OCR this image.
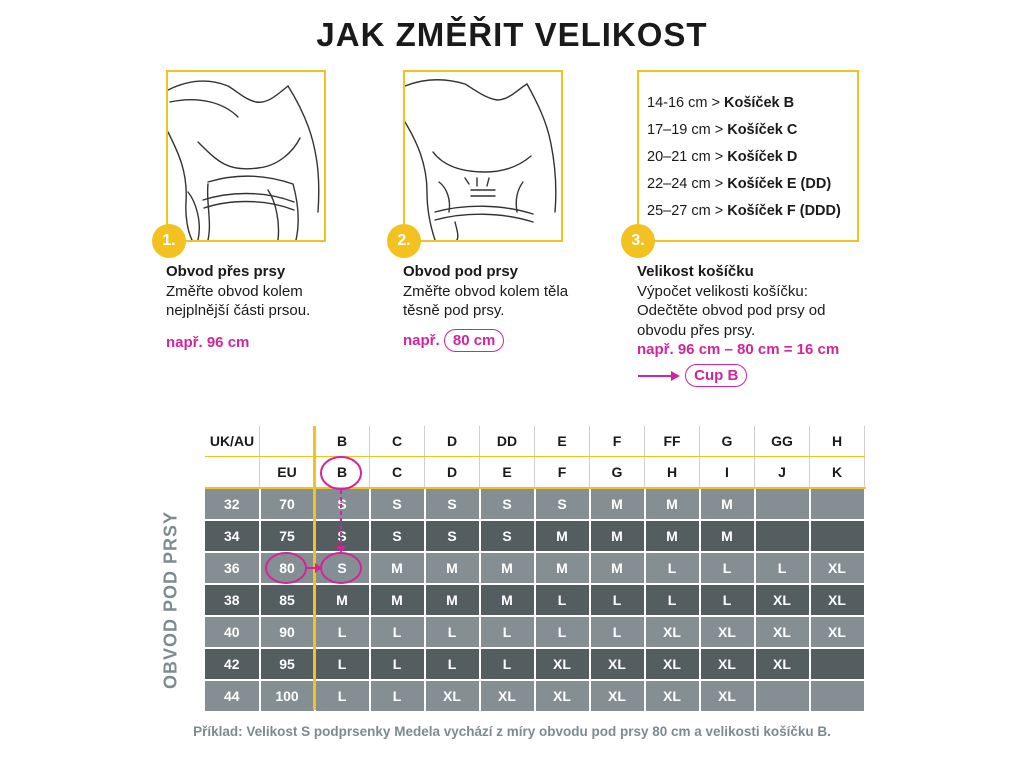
JAK ZMĚŘIT VELIKOST
1.	2.
14-16 cm > Košíček B
17–19 cm > Košíček C
20–21 cm > Košíček D
22–24 cm > Košíček E (DD)
25–27 cm > Košíček F (DDD)
3.
Obvod přes prsy
Změřte obvod kolem
nejplnější části prsou.
např. 96 cm
Obvod pod prsy
Změřte obvod kolem těla
těsně pod prsy.
např. 80 cm
Velikost košíčku
Výpočet velikosti košíčku:
Odečtěte obvod pod prsy od
obvodu přes prsy.
např. 96 cm – 80 cm = 16 cm
Cup B
OBVOD POD PRSY
UK/AU		B	C	D	DD	E	F	FF	G	GG	H
	EU	B	C	D	E	F	G	H	I	J	K
32	70	S	S	S	S	S	M	M	M		
34	75	S	S	S	S	M	M	M	M		
36	80	S	M	M	M	M	M	L	L	L	XL
38	85	M	M	M	M	L	L	L	L	XL	XL
40	90	L	L	L	L	L	L	XL	XL	XL	XL
42	95	L	L	L	L	XL	XL	XL	XL	XL	
44	100	L	L	XL	XL	XL	XL	XL	XL		
Příklad: Velikost S podprsenky Medela vychází z míry obvodu pod prsy 80 cm a velikosti košíčku B.
